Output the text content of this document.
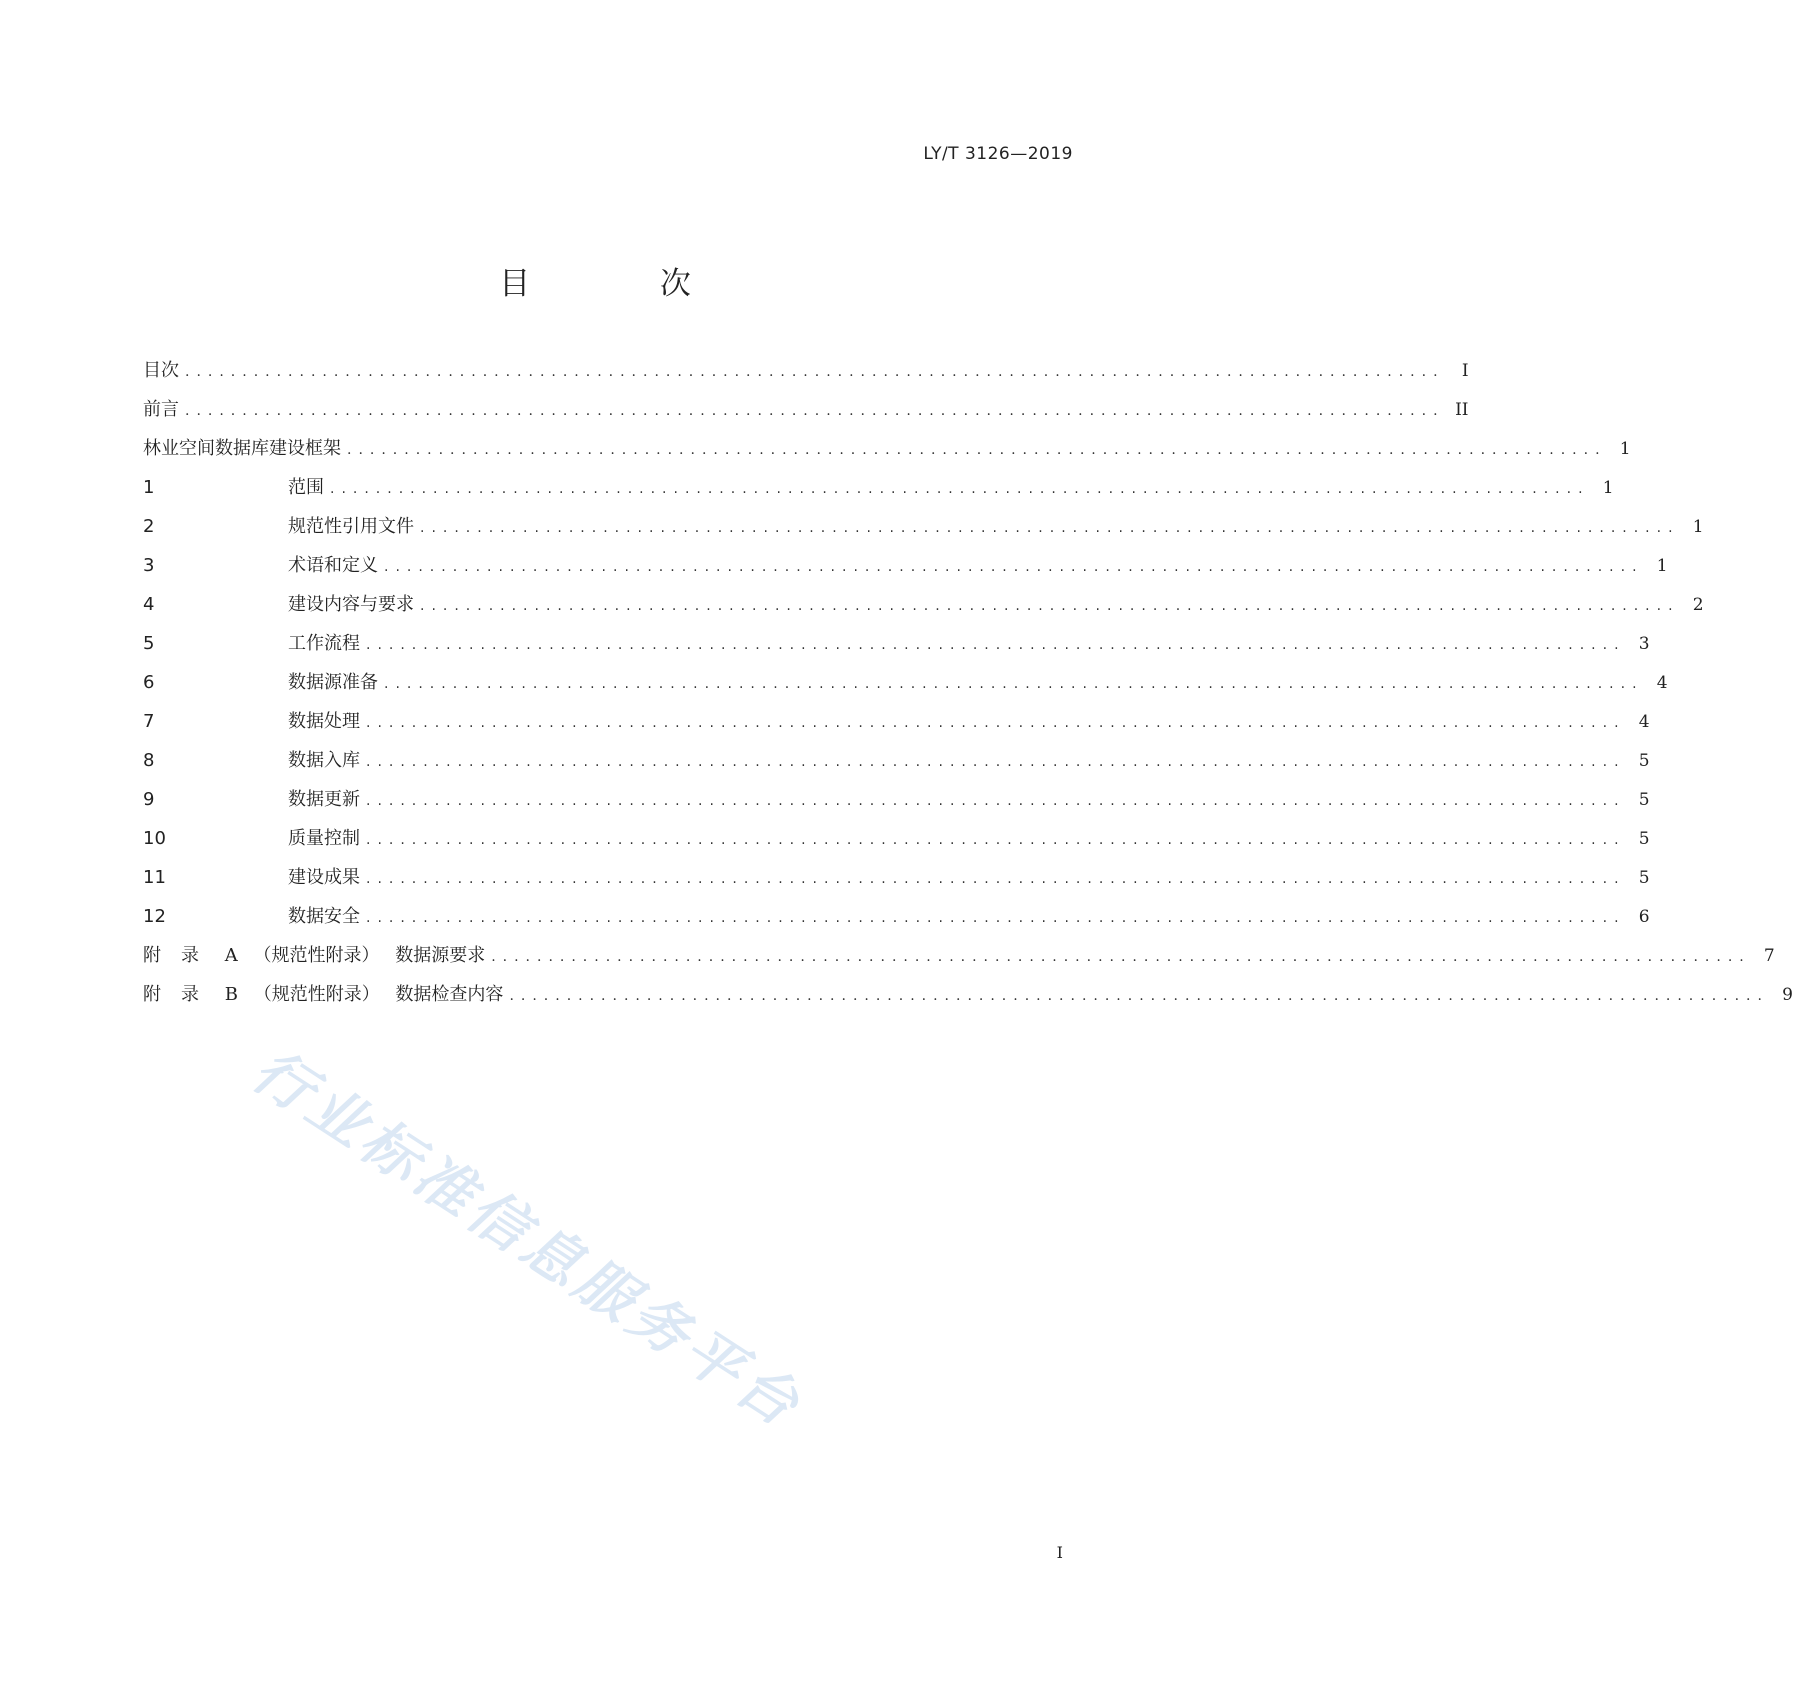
LY/T 3126—2019
目 次
目次 ..............................................................................................................	I
前言 .............................................................................................................. II
林业空间数据库建设框架 .............................................................................................................. 1
1	范围 .............................................................................................................. 1
2	规范性引用文件 .............................................................................................................. 1
3	术语和定义 .............................................................................................................. 1
4	建设内容与要求 .............................................................................................................. 2
5	工作流程 .............................................................................................................. 3
6	数据源准备 .............................................................................................................. 4
7	数据处理 .............................................................................................................. 4
8	数据入库 .............................................................................................................. 5
9	数据更新 .............................................................................................................. 5
10	质量控制 .............................................................................................................. 5
11	建设成果 .............................................................................................................. 5
12	数据安全 .............................................................................................................. 6
附录 A （规范性附录） 数据源要求 .............................................................................................................. 7
附录 B （规范性附录） 数据检查内容 .............................................................................................................. 9
行业标准信息服务平台
I
